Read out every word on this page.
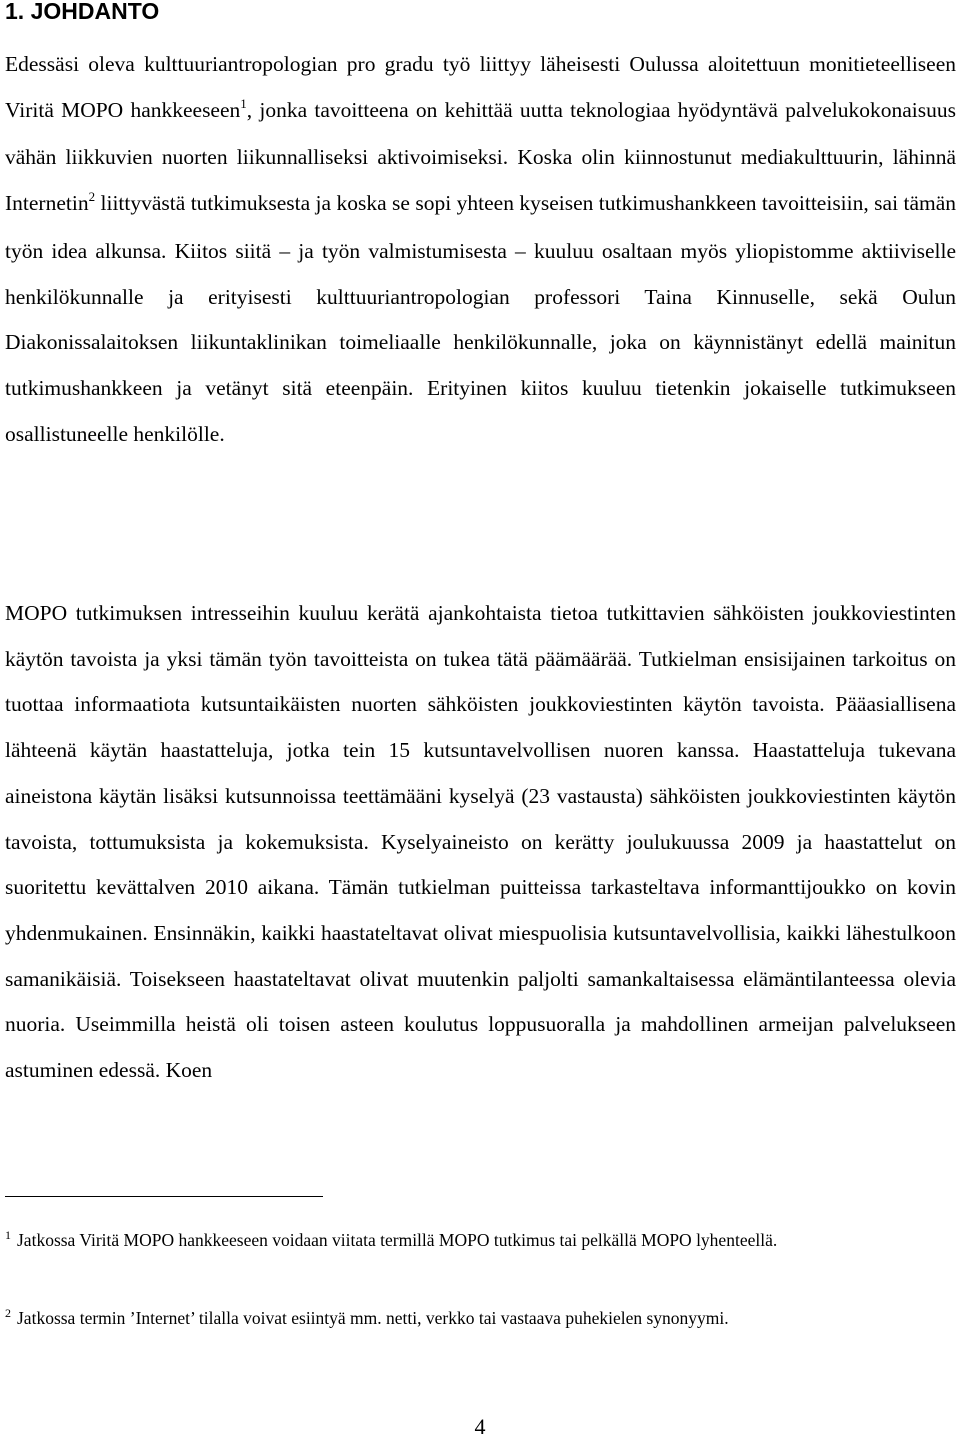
1. JOHDANTO

Edessäsi oleva kulttuuriantropologian pro gradu työ liittyy läheisesti Oulussa aloitettuun monitieteelliseen Viritä MOPO hankkeeseen$^1$, jonka tavoitteena on kehittää uutta teknologiaa hyödyntävä palvelukokonaisuus vähän liikkuvien nuorten liikunnalliseksi aktivoimiseksi. Koska olin kiinnostunut mediakulttuurin, lähinnä Internetin$^2$ liittyvästä tutkimuksesta ja koska se sopi yhteen kyseisen tutkimushankkeen tavoitteisiin, sai tämän työn idea alkunsa. Kiitos siitä – ja työn valmistumisesta – kuuluu osaltaan myös yliopistomme aktiiviselle henkilökunnalle ja erityisesti kulttuuriantropologian professori Taina Kinnuselle, sekä Oulun Diakonissalaitoksen liikuntaklinikan toimeliaalle henkilökunnalle, joka on käynnistänyt edellä mainitun tutkimushankkeen ja vetänyt sitä eteenpäin. Erityinen kiitos kuuluu tietenkin jokaiselle tutkimukseen osallistuneelle henkilölle.

MOPO tutkimuksen intresseihin kuuluu kerätä ajankohtaista tietoa tutkittavien sähköisten joukkoviestinten käytön tavoista ja yksi tämän työn tavoitteista on tukea tätä päämäärää. Tutkielman ensisijainen tarkoitus on tuottaa informaatiota kutsuntaikäisten nuorten sähköisten joukkoviestinten käytön tavoista. Pääasiallisena lähteenä käytän haastatteluja, jotka tein 15 kutsuntavelvollisen nuoren kanssa. Haastatteluja tukevana aineistona käytän lisäksi kutsunnoissa teettämääni kyselyä (23 vastausta) sähköisten joukkoviestinten käytön tavoista, tottumuksista ja kokemuksista. Kyselyaineisto on kerätty joulukuussa 2009 ja haastattelut on suoritettu kevättalven 2010 aikana. Tämän tutkielman puitteissa tarkasteltava informanttijoukko on kovin yhdenmukainen. Ensinnäkin, kaikki haastateltavat olivat miespuolisia kutsuntavelvollisia, kaikki lähestulkoon samanikäisiä. Toisekseen haastateltavat olivat muutenkin paljolti samankaltaisessa elämäntilanteessa olevia nuoria. Useimmilla heistä oli toisen asteen koulutus loppusuoralla ja mahdollinen armeijan palvelukseen astuminen edessä. Koen

$^1$ Jatkossa Viritä MOPO hankkeeseen voidaan viitata termillä MOPO tutkimus tai pelkällä MOPO lyhenteellä.

$^2$ Jatkossa termin ’Internet’ tilalla voivat esiintyä mm. netti, verkko tai vastaava puhekielen synonyymi.

4
